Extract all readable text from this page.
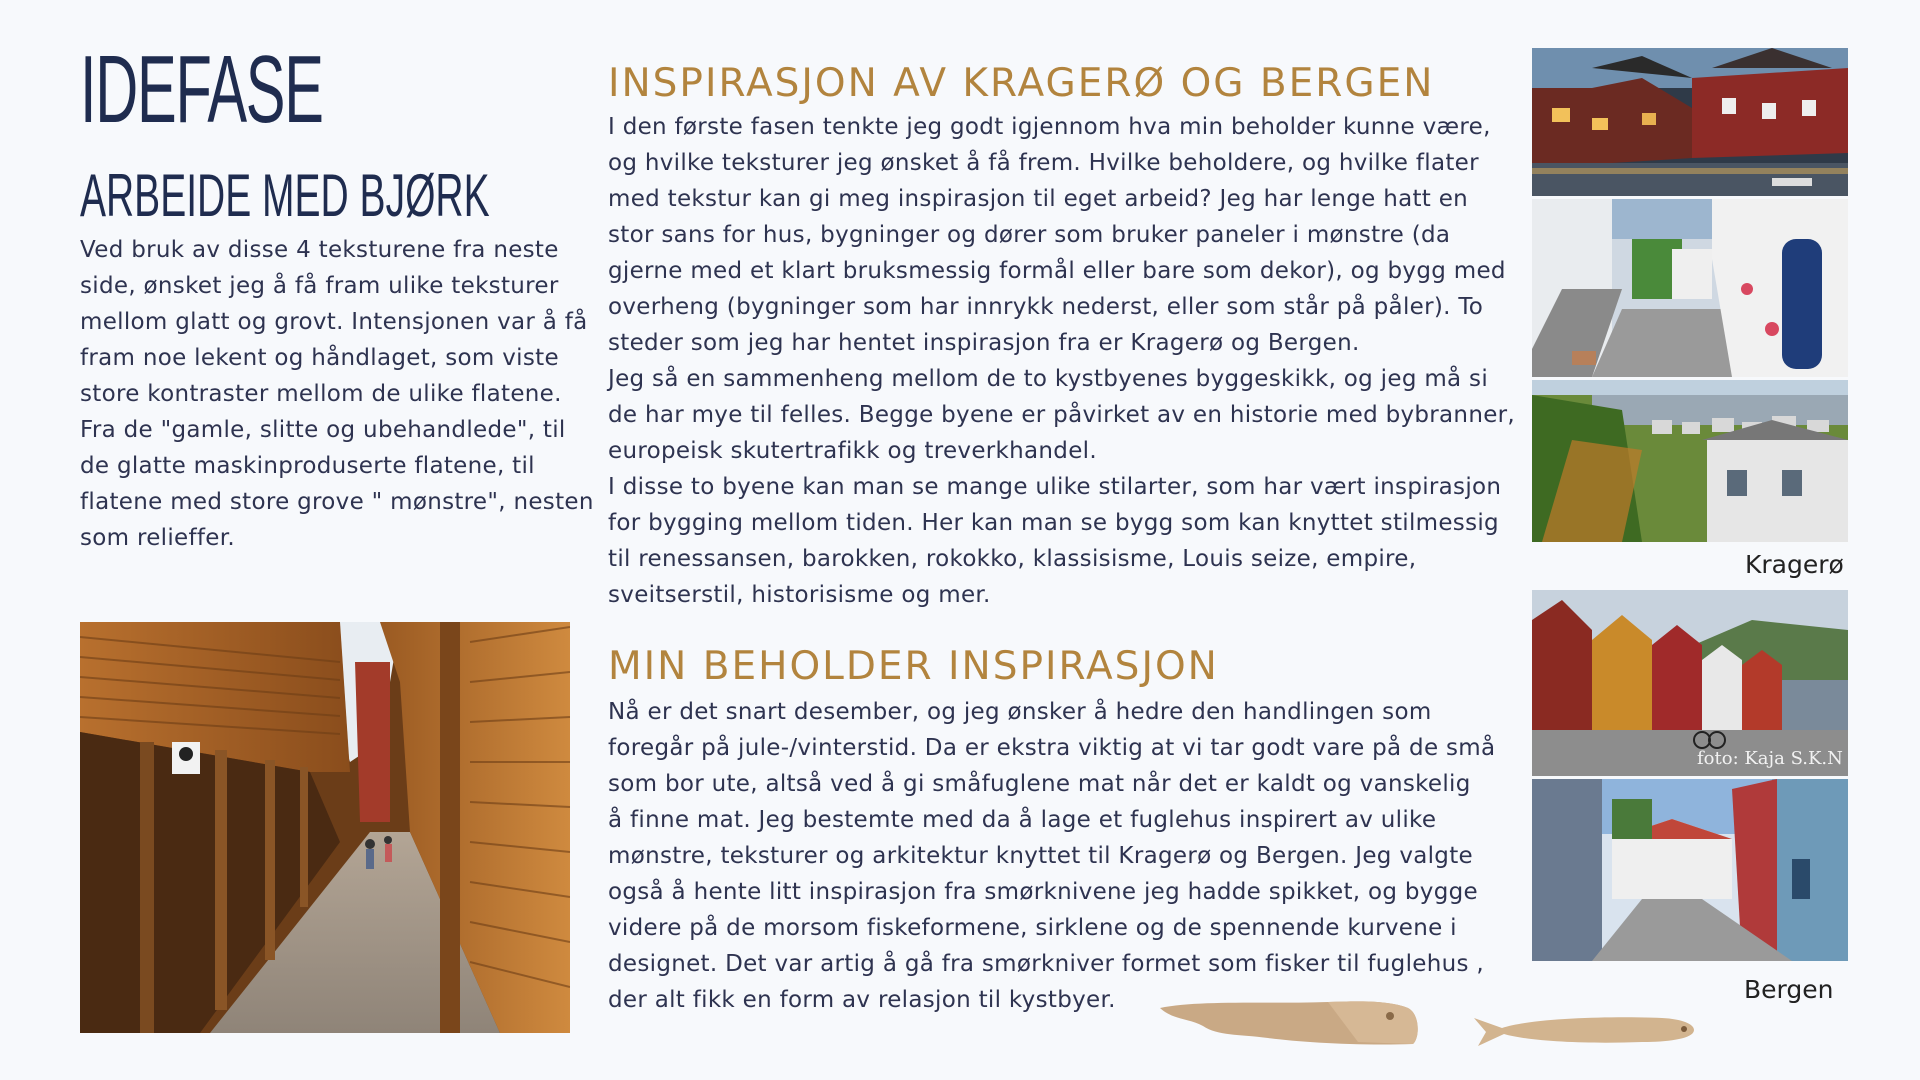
IDEFASE
ARBEIDE MED BJØRK

Ved bruk av disse 4 teksturene fra neste side, ønsket jeg å få fram ulike teksturer mellom glatt og grovt. Intensjonen var å få fram noe lekent og håndlaget, som viste store kontraster mellom de ulike flatene.

Fra de "gamle, slitte og ubehandlede", til de glatte maskinproduserte flatene, til flatene med store grove " mønstre", nesten som relieffer.

INSPIRASJON AV KRAGERØ OG BERGEN

I den første fasen tenkte jeg godt igjennom hva min beholder kunne være, og hvilke teksturer jeg ønsket å få frem. Hvilke beholdere, og hvilke flater med tekstur kan gi meg inspirasjon til eget arbeid? Jeg har lenge hatt en stor sans for hus, bygninger og dører som bruker paneler i mønstre (da gjerne med et klart bruksmessig formål eller bare som dekor), og bygg med overheng (bygninger som har innrykk nederst, eller som står på påler). To steder som jeg har hentet inspirasjon fra er Kragerø og Bergen.

Jeg så en sammenheng mellom de to kystbyenes byggeskikk, og jeg må si de har mye til felles. Begge byene er påvirket av en historie med bybranner, europeisk skutertrafikk og treverkhandel.

I disse to byene kan man se mange ulike stilarter, som har vært inspirasjon for bygging mellom tiden. Her kan man se bygg som kan knyttet stilmessig til renessansen, barokken, rokokko, klassisisme, Louis seize, empire, sveitserstil, historisisme og mer.

MIN BEHOLDER INSPIRASJON

Nå er det snart desember, og jeg ønsker å hedre den handlingen som foregår på jule-/vinterstid. Da er ekstra viktig at vi tar godt vare på de små som bor ute, altså ved å gi småfuglene mat når det er kaldt og vanskelig

å finne mat. Jeg bestemte med da å lage et fuglehus inspirert av ulike mønstre, teksturer og arkitektur knyttet til Kragerø og Bergen. Jeg valgte også å hente litt inspirasjon fra smørknivene jeg hadde spikket, og bygge videre på de morsom fiskeformene, sirklene og de spennende kurvene i designet. Det var artig å gå fra smørkniver formet som fisker til fuglehus , der alt fikk en form av relasjon til kystbyer.

Kragerø
foto: Kaja S.K.N
Bergen
